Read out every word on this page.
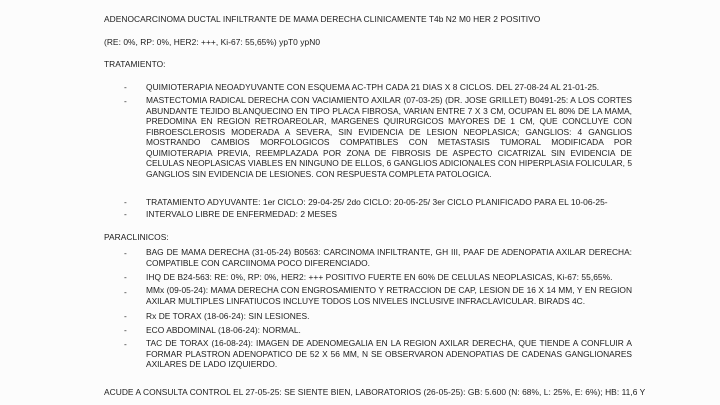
ADENOCARCINOMA DUCTAL INFILTRANTE DE MAMA DERECHA CLINICAMENTE T4b N2 M0 HER 2 POSITIVO
(RE: 0%, RP: 0%, HER2: +++, Ki-67: 55,65%) ypT0 ypN0
TRATAMIENTO:
- QUIMIOTERAPIA NEOADYUVANTE CON ESQUEMA AC-TPH CADA 21 DIAS X 8 CICLOS. DEL 27-08-24 AL 21-01-25.
- MASTECTOMIA RADICAL DERECHA CON VACIAMIENTO AXILAR (07-03-25) (DR. JOSE GRILLET) B0491-25: A LOS CORTES ABUNDANTE TEJIDO BLANQUECINO EN TIPO PLACA FIBROSA, VARIAN ENTRE 7 X 3 CM, OCUPAN EL 80% DE LA MAMA, PREDOMINA EN REGION RETROAREOLAR, MARGENES QUIRURGICOS MAYORES DE 1 CM, QUE CONCLUYE CON FIBROESCLEROSIS MODERADA A SEVERA, SIN EVIDENCIA DE LESION NEOPLASICA; GANGLIOS: 4 GANGLIOS MOSTRANDO CAMBIOS MORFOLOGICOS COMPATIBLES CON METASTASIS TUMORAL MODIFICADA POR QUIMIOTERAPIA PREVIA, REEMPLAZADA POR ZONA DE FIBROSIS DE ASPECTO CICATRIZAL SIN EVIDENCIA DE CELULAS NEOPLASICAS VIABLES EN NINGUNO DE ELLOS, 6 GANGLIOS ADICIONALES CON HIPERPLASIA FOLICULAR, 5 GANGLIOS SIN EVIDENCIA DE LESIONES. CON RESPUESTA COMPLETA PATOLOGICA.
- TRATAMIENTO ADYUVANTE: 1er CICLO: 29-04-25/ 2do CICLO: 20-05-25/ 3er CICLO PLANIFICADO PARA EL 10-06-25-
- INTERVALO LIBRE DE ENFERMEDAD: 2 MESES
PARACLINICOS:
- BAG DE MAMA DERECHA (31-05-24) B0563: CARCINOMA INFILTRANTE, GH III, PAAF DE ADENOPATIA AXILAR DERECHA: COMPATIBLE CON CARCIINOMA POCO DIFERENCIADO.
- IHQ DE B24-563: RE: 0%, RP: 0%, HER2: +++ POSITIVO FUERTE EN 60% DE CELULAS NEOPLASICAS, Ki-67: 55,65%.
- MMx (09-05-24): MAMA DERECHA CON ENGROSAMIENTO Y RETRACCION DE CAP, LESION DE 16 X 14 MM, Y EN REGION AXILAR MULTIPLES LINFATIUCOS INCLUYE TODOS LOS NIVELES INCLUSIVE INFRACLAVICULAR. BIRADS 4C.
- Rx DE TORAX (18-06-24): SIN LESIONES.
- ECO ABDOMINAL (18-06-24): NORMAL.
- TAC DE TORAX (16-08-24): IMAGEN DE ADENOMEGALIA EN LA REGION AXILAR DERECHA, QUE TIENDE A CONFLUIR A FORMAR PLASTRON ADENOPATICO DE 52 X 56 MM, N SE OBSERVARON ADENOPATIAS DE CADENAS GANGLIONARES AXILARES DE LADO IZQUIERDO.
ACUDE A CONSULTA CONTROL EL 27-05-25: SE SIENTE BIEN, LABORATORIOS (26-05-25): GB: 5.600 (N: 68%, L: 25%, E: 6%); HB: 11,6 Y
